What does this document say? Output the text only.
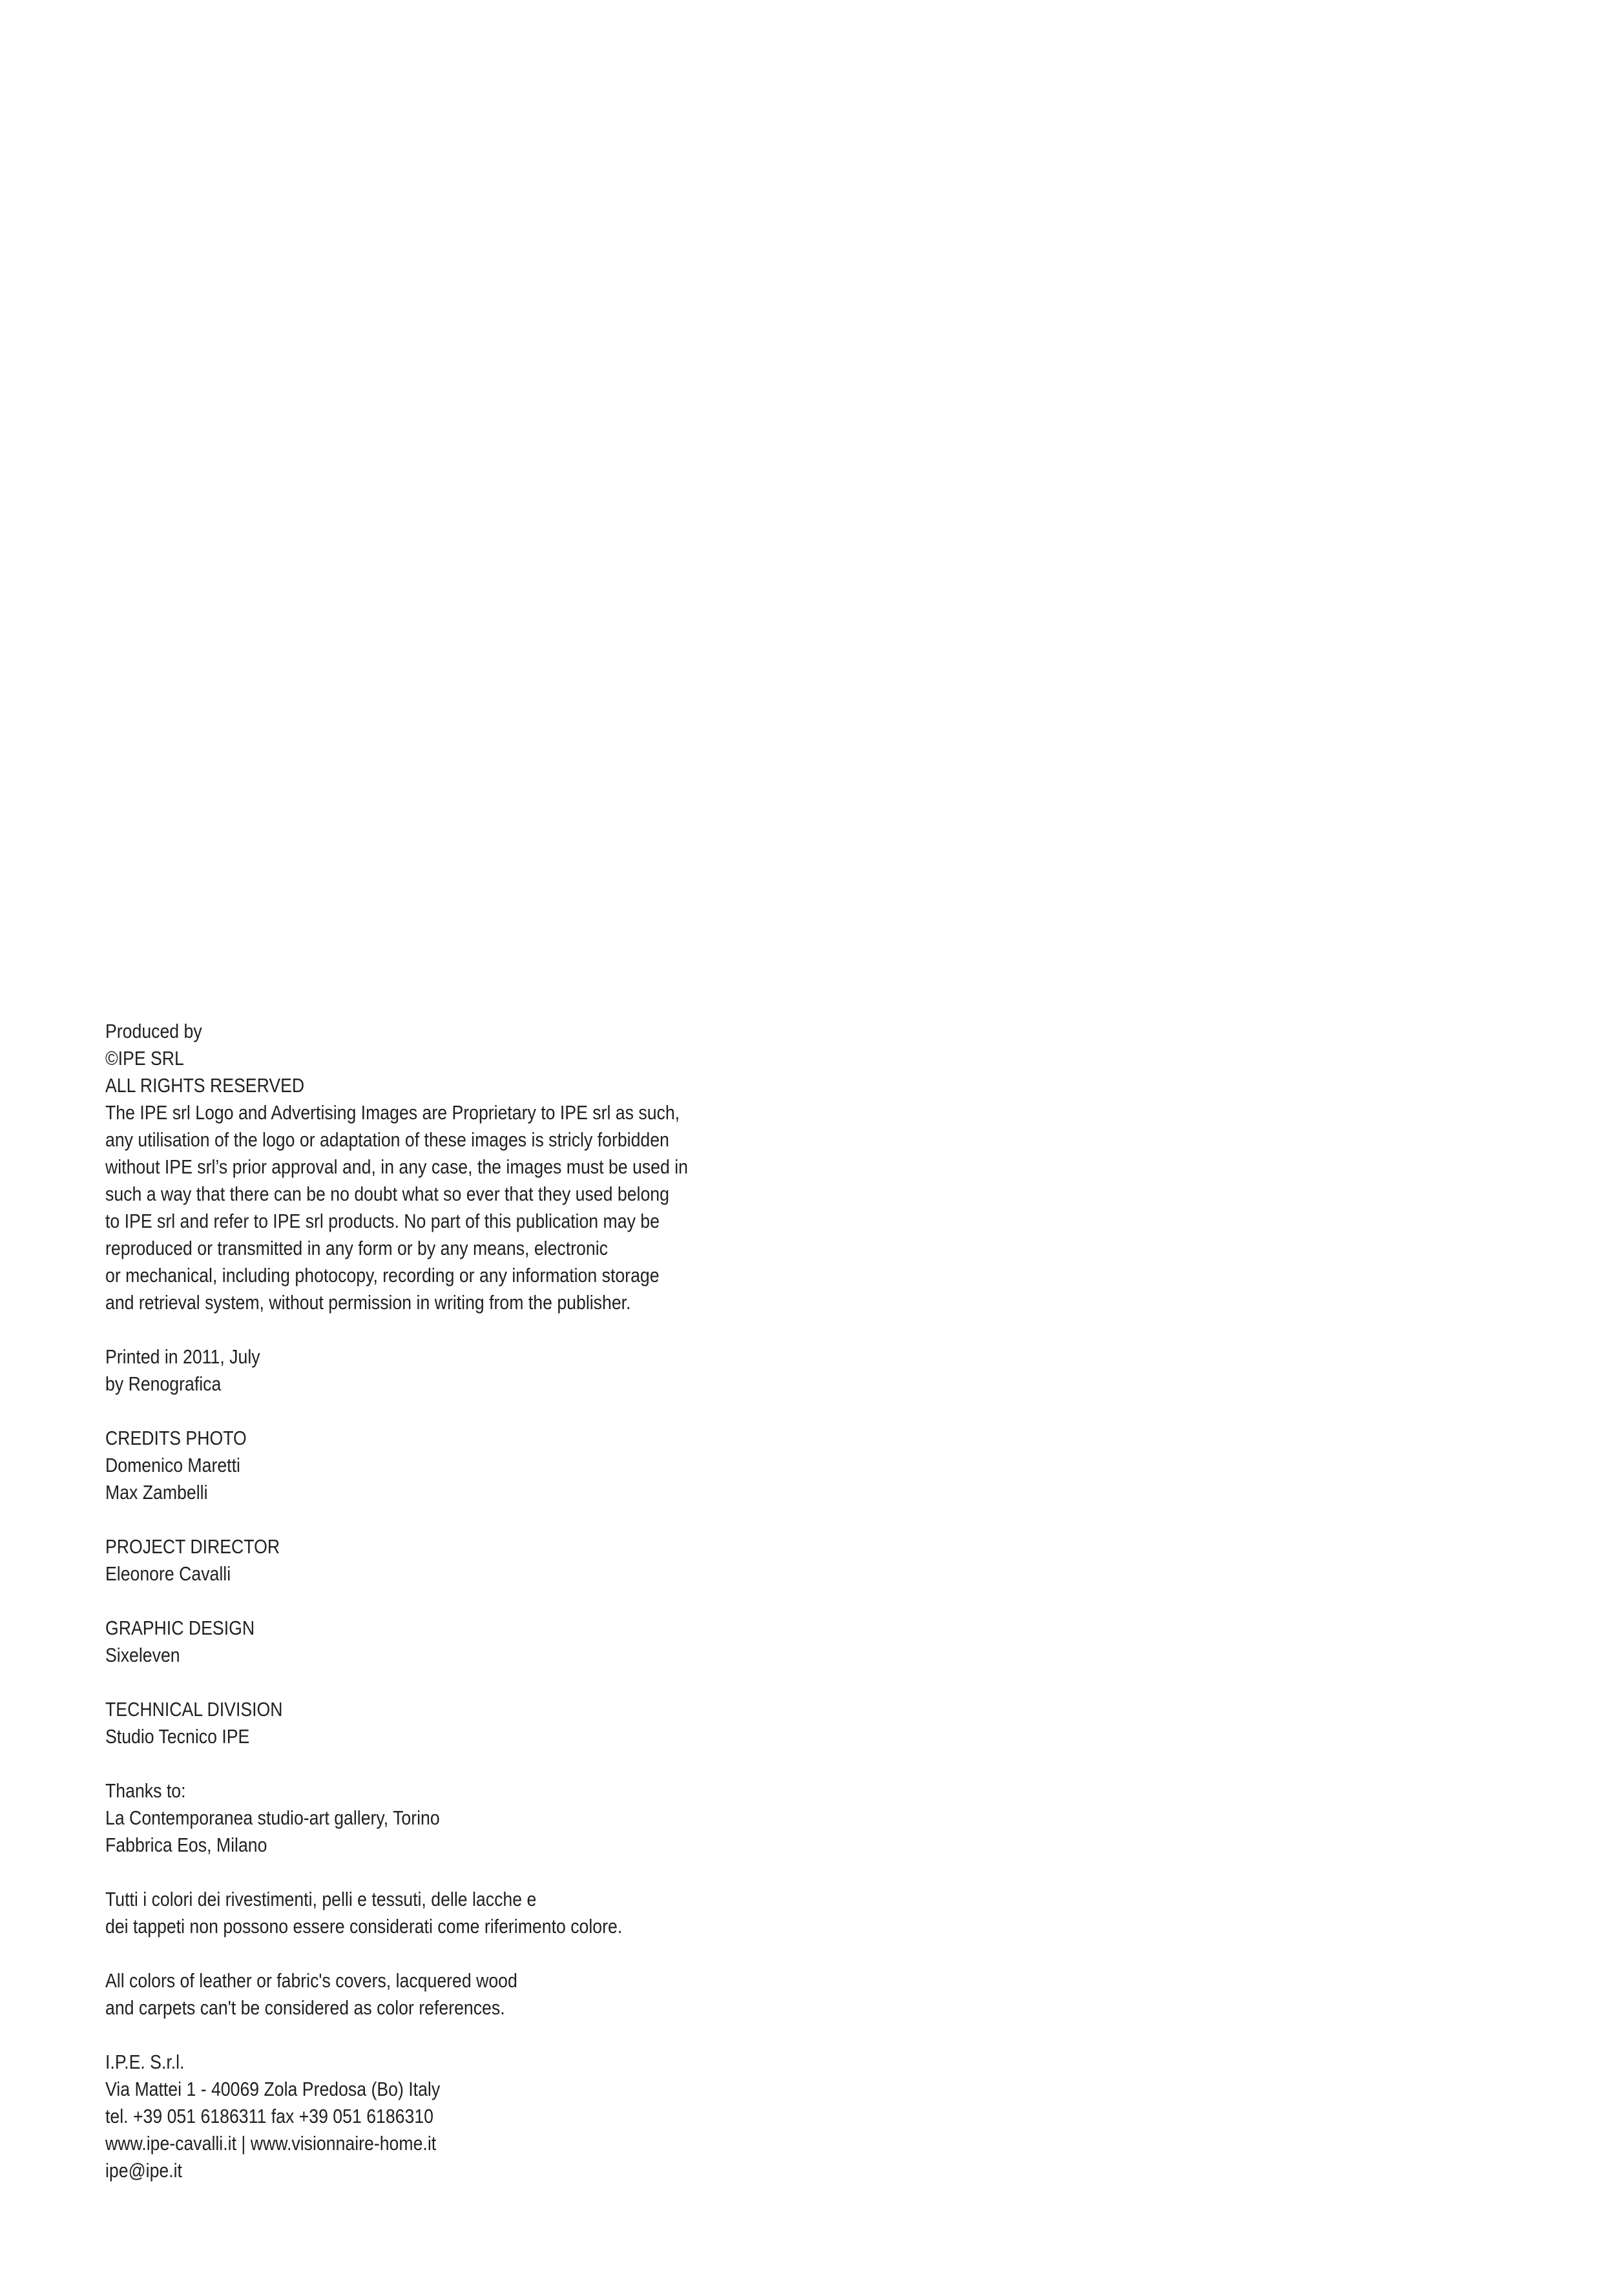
Produced by
©IPE SRL
ALL RIGHTS RESERVED
The IPE srl Logo and Advertising Images are Proprietary to IPE srl as such,
any utilisation of the logo or adaptation of these images is stricly forbidden
without IPE srl’s prior approval and, in any case, the images must be used in
such a way that there can be no doubt what so ever that they used belong
to IPE srl and refer to IPE srl products. No part of this publication may be
reproduced or transmitted in any form or by any means, electronic
or mechanical, including photocopy, recording or any information storage
and retrieval system, without permission in writing from the publisher.
Printed in 2011, July
by Renografica
CREDITS PHOTO
Domenico Maretti
Max Zambelli
PROJECT DIRECTOR
Eleonore Cavalli
GRAPHIC DESIGN
Sixeleven
TECHNICAL DIVISION
Studio Tecnico IPE
Thanks to:
La Contemporanea studio-art gallery, Torino
Fabbrica Eos, Milano
Tutti i colori dei rivestimenti, pelli e tessuti, delle lacche e
dei tappeti non possono essere considerati come riferimento colore.
All colors of leather or fabric's covers, lacquered wood
and carpets can't be considered as color references.
I.P.E. S.r.l.
Via Mattei 1 - 40069 Zola Predosa (Bo) Italy
tel. +39 051 6186311 fax +39 051 6186310
www.ipe-cavalli.it | www.visionnaire-home.it
ipe@ipe.it
